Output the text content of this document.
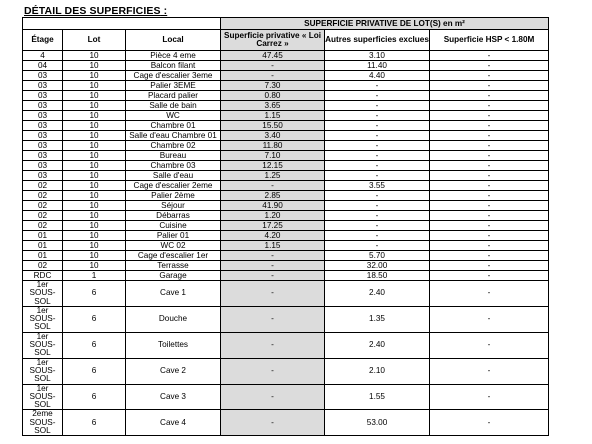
DÉTAIL DES SUPERFICIES :
			SUPERFICIE PRIVATIVE DE LOT(S) en m²		
Étage	Lot	Local	Superficie privative « Loi Carrez »	Autres superficies exclues	Superficie HSP < 1.80M
4	10	Pièce 4 eme	47.45	3.10	-
04	10	Balcon filant	-	11.40	-
03	10	Cage d'escalier 3eme	-	4.40	-
03	10	Palier 3EME	7.30	-	-
03	10	Placard palier	0.80	-	-
03	10	Salle de bain	3.65	-	-
03	10	WC	1.15	-	-
03	10	Chambre 01	15.50	-	-
03	10	Salle d'eau Chambre 01	3.40	-	-
03	10	Chambre 02	11.80	-	-
03	10	Bureau	7.10	-	-
03	10	Chambre 03	12.15	-	-
03	10	Salle d'eau	1.25	-	-
02	10	Cage d'escalier 2eme	-	3.55	-
02	10	Palier 2ème	2.85	-	-
02	10	Séjour	41.90	-	-
02	10	Débarras	1.20	-	-
02	10	Cuisine	17.25	-	-
01	10	Palier 01	4.20	-	-
01	10	WC 02	1.15	-	-
01	10	Cage d'escalier 1er	-	5.70	-
02	10	Terrasse	-	32.00	-
RDC	1	Garage	-	18.50	-
1er
SOUS-SOL	6	Cave 1	-	2.40	-
1er
SOUS-SOL	6	Douche	-	1.35	-
1er
SOUS-SOL	6	Toilettes	-	2.40	-
1er
SOUS-SOL	6	Cave 2	-	2.10	-
1er
SOUS-SOL	6	Cave 3	-	1.55	-
2eme
SOUS-SOL	6	Cave 4	-	53.00	-
